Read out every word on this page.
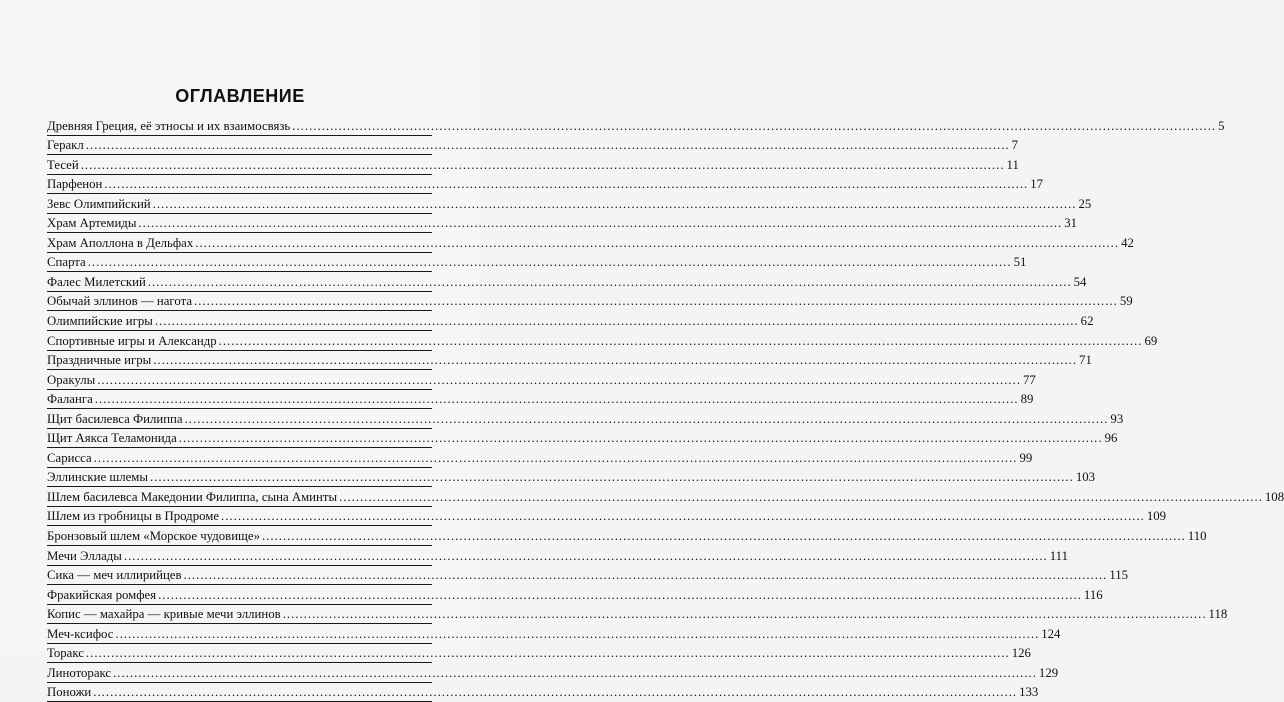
ОГЛАВЛЕНИЕ
Древняя Греция, её этносы и их взаимосвязь ............................................................................................................................................................................................................................ 5
Геракл ............................................................................................................................................................................................................................ 7
Тесей ............................................................................................................................................................................................................................ 11
Парфенон ............................................................................................................................................................................................................................ 17
Зевс Олимпийский ............................................................................................................................................................................................................................ 25
Храм Артемиды ............................................................................................................................................................................................................................ 31
Храм Аполлона в Дельфах ............................................................................................................................................................................................................................ 42
Спарта ............................................................................................................................................................................................................................ 51
Фалес Милетский ............................................................................................................................................................................................................................ 54
Обычай эллинов — нагота ............................................................................................................................................................................................................................ 59
Олимпийские игры ............................................................................................................................................................................................................................ 62
Спортивные игры и Александр ............................................................................................................................................................................................................................ 69
Праздничные игры ............................................................................................................................................................................................................................ 71
Оракулы ............................................................................................................................................................................................................................ 77
Фаланга ............................................................................................................................................................................................................................ 89
Щит басилевса Филиппа ............................................................................................................................................................................................................................ 93
Щит Аякса Теламонида ............................................................................................................................................................................................................................ 96
Сарисса ............................................................................................................................................................................................................................ 99
Эллинские шлемы ............................................................................................................................................................................................................................ 103
Шлем басилевса Македонии Филиппа, сына Аминты ............................................................................................................................................................................................................................ 108
Шлем из гробницы в Продроме ............................................................................................................................................................................................................................ 109
Бронзовый шлем «Морское чудовище» ............................................................................................................................................................................................................................ 110
Мечи Эллады ............................................................................................................................................................................................................................ 111
Сика — меч иллирийцев ............................................................................................................................................................................................................................ 115
Фракийская ромфея ............................................................................................................................................................................................................................ 116
Копис — махайра — кривые мечи эллинов ............................................................................................................................................................................................................................ 118
Меч-ксифос ............................................................................................................................................................................................................................ 124
Торакс ............................................................................................................................................................................................................................ 126
Линоторакс ............................................................................................................................................................................................................................ 129
Поножи ............................................................................................................................................................................................................................ 133
